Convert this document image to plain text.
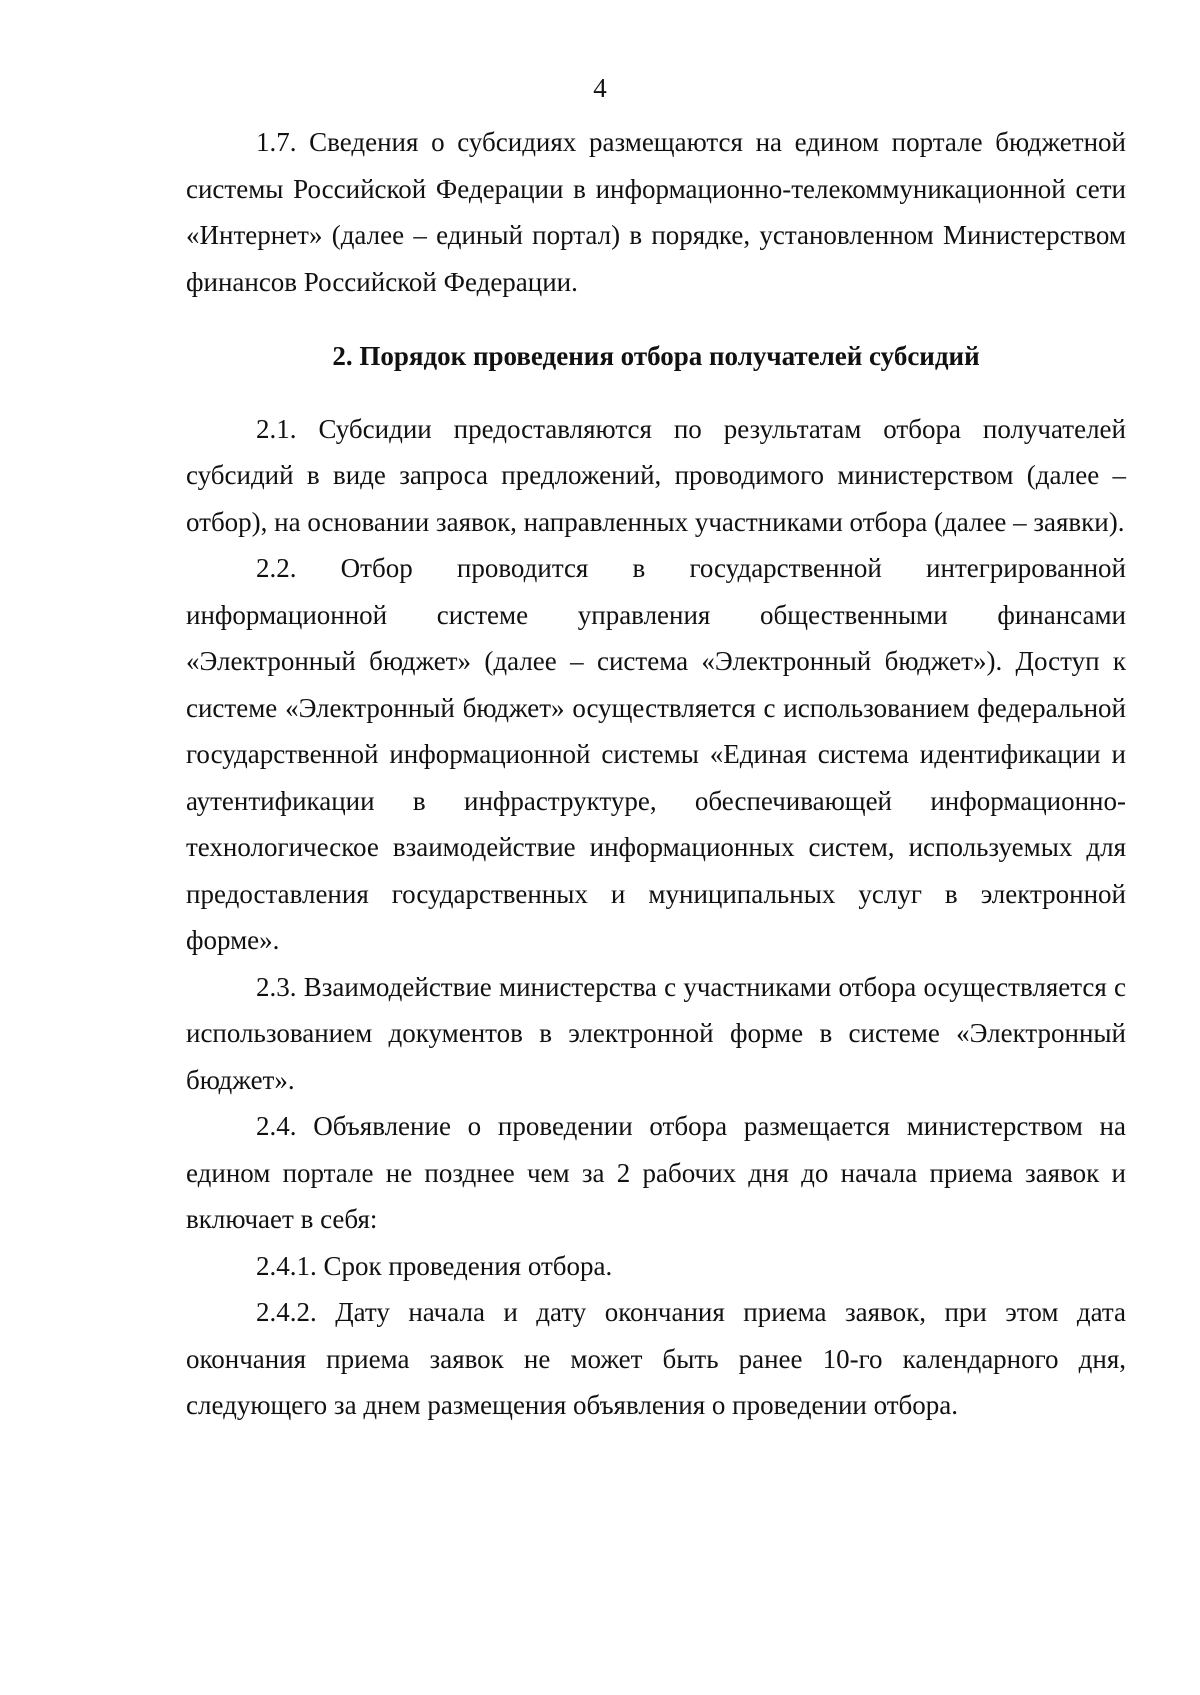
4

1.7. Сведения о субсидиях размещаются на едином портале бюджетной системы Российской Федерации в информационно-телекоммуникационной сети «Интернет» (далее – единый портал) в порядке, установленном Министерством финансов Российской Федерации.

2. Порядок проведения отбора получателей субсидий

2.1. Субсидии предоставляются по результатам отбора получателей субсидий в виде запроса предложений, проводимого министерством (далее – отбор), на основании заявок, направленных участниками отбора (далее – заявки).

2.2. Отбор проводится в государственной интегрированной информационной системе управления общественными финансами «Электронный бюджет» (далее – система «Электронный бюджет»). Доступ к системе «Электронный бюджет» осуществляется с использованием федеральной государственной информационной системы «Единая система идентификации и аутентификации в инфраструктуре, обеспечивающей информационно-технологическое взаимодействие информационных систем, используемых для предоставления государственных и муниципальных услуг в электронной форме».

2.3. Взаимодействие министерства с участниками отбора осуществляется с использованием документов в электронной форме в системе «Электронный бюджет».

2.4. Объявление о проведении отбора размещается министерством на едином портале не позднее чем за 2 рабочих дня до начала приема заявок и включает в себя:

2.4.1. Срок проведения отбора.

2.4.2. Дату начала и дату окончания приема заявок, при этом дата окончания приема заявок не может быть ранее 10-го календарного дня, следующего за днем размещения объявления о проведении отбора.
